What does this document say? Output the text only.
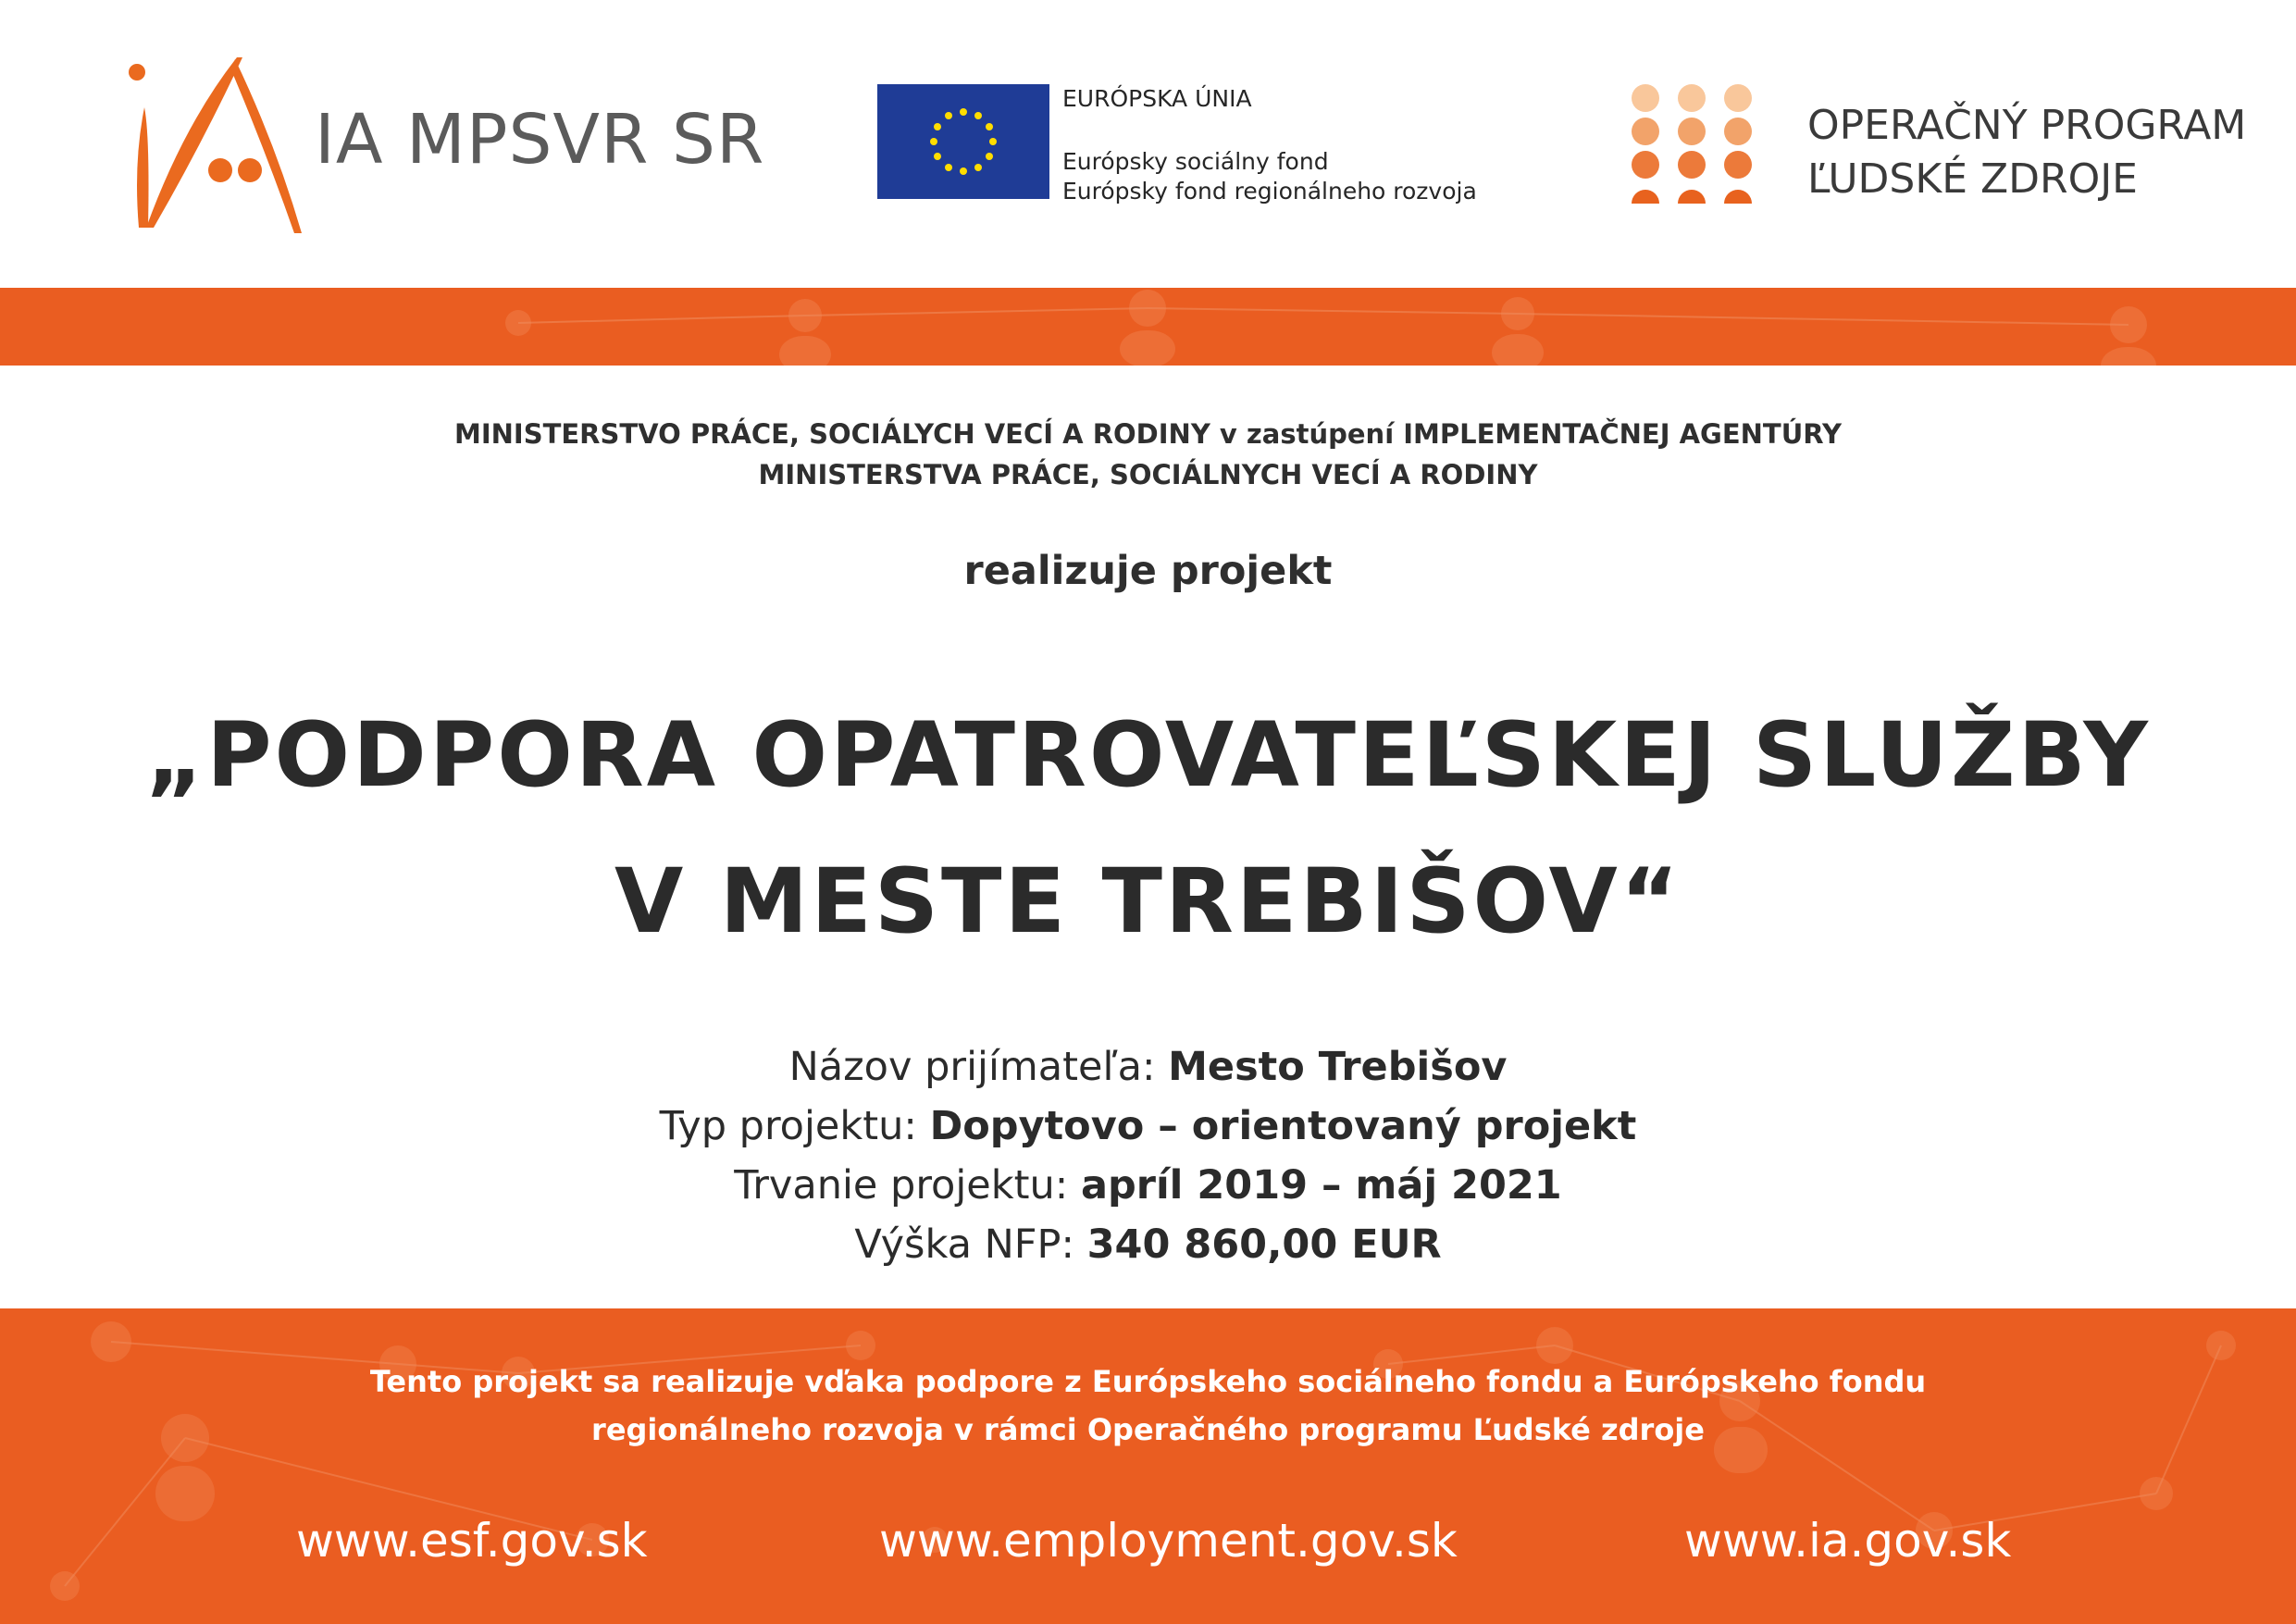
IA MPSVR SR
EURÓPSKA ÚNIA
Európsky sociálny fond
Európsky fond regionálneho rozvoja
OPERAČNÝ PROGRAM
ĽUDSKÉ ZDROJE
MINISTERSTVO PRÁCE, SOCIÁLYCH VECÍ A RODINY v zastúpení IMPLEMENTAČNEJ AGENTÚRY
MINISTERSTVA PRÁCE, SOCIÁLNYCH VECÍ A RODINY
realizuje projekt
„PODPORA OPATROVATEĽSKEJ SLUŽBY
V MESTE TREBIŠOV“
Názov prijímateľa: Mesto Trebišov
Typ projektu: Dopytovo – orientovaný projekt
Trvanie projektu: apríl 2019 – máj 2021
Výška NFP: 340 860,00 EUR
Tento projekt sa realizuje vďaka podpore z Európskeho sociálneho fondu a Európskeho fondu
regionálneho rozvoja v rámci Operačného programu Ľudské zdroje
www.esf.gov.sk	www.employment.gov.sk	www.ia.gov.sk
